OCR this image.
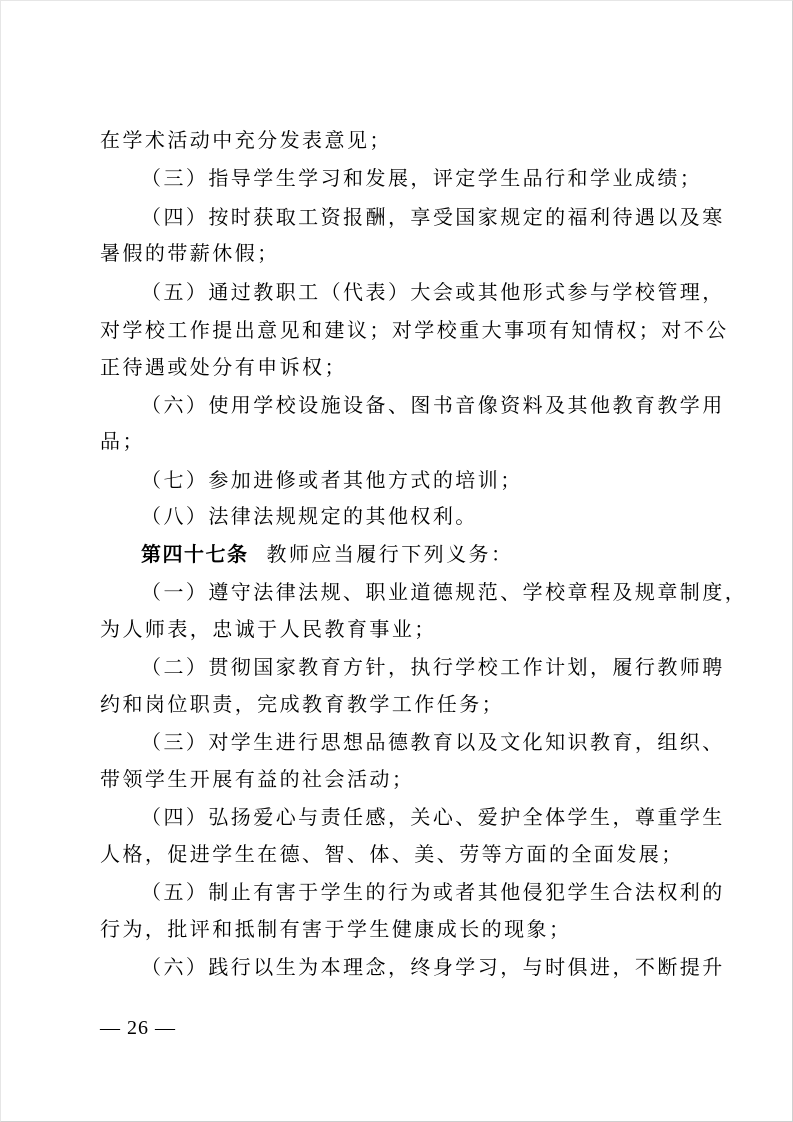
在学术活动中充分发表意见；
（三）指导学生学习和发展，评定学生品行和学业成绩；
（四）按时获取工资报酬，享受国家规定的福利待遇以及寒
暑假的带薪休假；
（五）通过教职工（代表）大会或其他形式参与学校管理，
对学校工作提出意见和建议；对学校重大事项有知情权；对不公
正待遇或处分有申诉权；
（六）使用学校设施设备、图书音像资料及其他教育教学用
品；
（七）参加进修或者其他方式的培训；
（八）法律法规规定的其他权利。
第四十七条 教师应当履行下列义务：
（一）遵守法律法规、职业道德规范、学校章程及规章制度，
为人师表，忠诚于人民教育事业；
（二）贯彻国家教育方针，执行学校工作计划，履行教师聘
约和岗位职责，完成教育教学工作任务；
（三）对学生进行思想品德教育以及文化知识教育，组织、
带领学生开展有益的社会活动；
（四）弘扬爱心与责任感，关心、爱护全体学生，尊重学生
人格，促进学生在德、智、体、美、劳等方面的全面发展；
（五）制止有害于学生的行为或者其他侵犯学生合法权利的
行为，批评和抵制有害于学生健康成长的现象；
（六）践行以生为本理念，终身学习，与时俱进，不断提升
— 26 —
